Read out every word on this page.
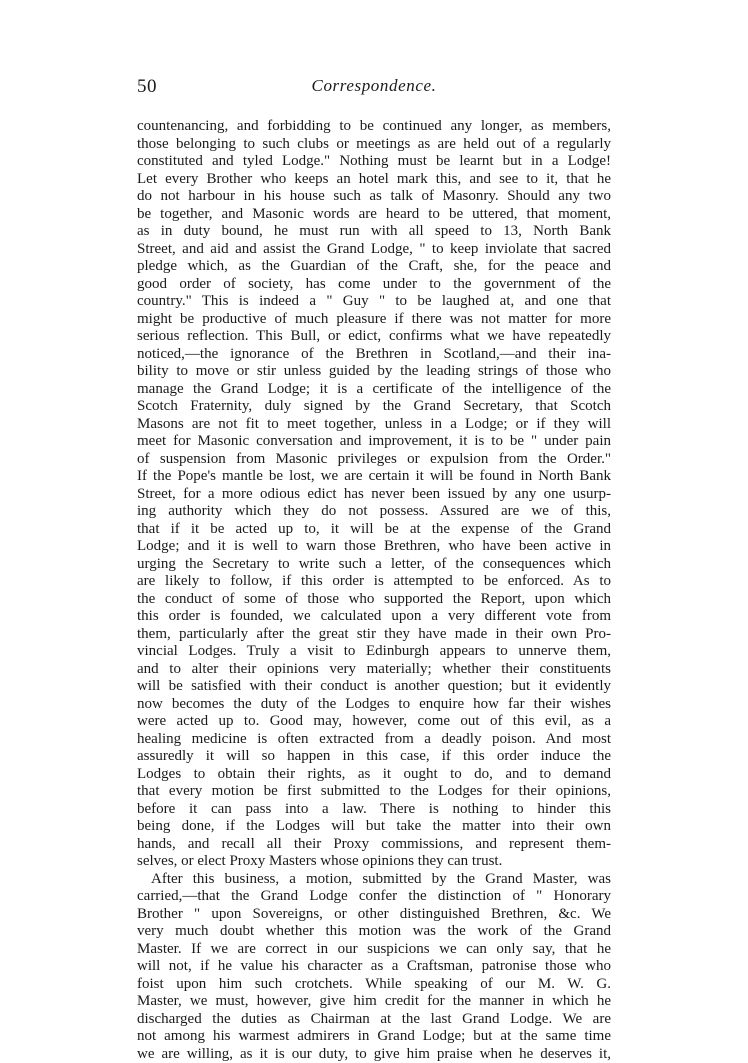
50	Correspondence.
countenancing, and forbidding to be continued any longer, as members,
those belonging to such clubs or meetings as are held out of a regularly
constituted and tyled Lodge." Nothing must be learnt but in a Lodge!
Let every Brother who keeps an hotel mark this, and see to it, that he
do not harbour in his house such as talk of Masonry. Should any two
be together, and Masonic words are heard to be uttered, that moment,
as in duty bound, he must run with all speed to 13, North Bank
Street, and aid and assist the Grand Lodge, " to keep inviolate that sacred
pledge which, as the Guardian of the Craft, she, for the peace and
good order of society, has come under to the government of the
country." This is indeed a " Guy " to be laughed at, and one that
might be productive of much pleasure if there was not matter for more
serious reflection. This Bull, or edict, confirms what we have repeatedly
noticed,—the ignorance of the Brethren in Scotland,—and their ina-
bility to move or stir unless guided by the leading strings of those who
manage the Grand Lodge; it is a certificate of the intelligence of the
Scotch Fraternity, duly signed by the Grand Secretary, that Scotch
Masons are not fit to meet together, unless in a Lodge; or if they will
meet for Masonic conversation and improvement, it is to be " under pain
of suspension from Masonic privileges or expulsion from the Order."
If the Pope's mantle be lost, we are certain it will be found in North Bank
Street, for a more odious edict has never been issued by any one usurp-
ing authority which they do not possess. Assured are we of this,
that if it be acted up to, it will be at the expense of the Grand
Lodge; and it is well to warn those Brethren, who have been active in
urging the Secretary to write such a letter, of the consequences which
are likely to follow, if this order is attempted to be enforced. As to
the conduct of some of those who supported the Report, upon which
this order is founded, we calculated upon a very different vote from
them, particularly after the great stir they have made in their own Pro-
vincial Lodges. Truly a visit to Edinburgh appears to unnerve them,
and to alter their opinions very materially; whether their constituents
will be satisfied with their conduct is another question; but it evidently
now becomes the duty of the Lodges to enquire how far their wishes
were acted up to. Good may, however, come out of this evil, as a
healing medicine is often extracted from a deadly poison. And most
assuredly it will so happen in this case, if this order induce the
Lodges to obtain their rights, as it ought to do, and to demand
that every motion be first submitted to the Lodges for their opinions,
before it can pass into a law. There is nothing to hinder this
being done, if the Lodges will but take the matter into their own
hands, and recall all their Proxy commissions, and represent them-
selves, or elect Proxy Masters whose opinions they can trust.
After this business, a motion, submitted by the Grand Master, was
carried,—that the Grand Lodge confer the distinction of " Honorary
Brother " upon Sovereigns, or other distinguished Brethren, &c. We
very much doubt whether this motion was the work of the Grand
Master. If we are correct in our suspicions we can only say, that he
will not, if he value his character as a Craftsman, patronise those who
foist upon him such crotchets. While speaking of our M. W. G.
Master, we must, however, give him credit for the manner in which he
discharged the duties as Chairman at the last Grand Lodge. We are
not among his warmest admirers in Grand Lodge; but at the same time
we are willing, as it is our duty, to give him praise when he deserves it,
